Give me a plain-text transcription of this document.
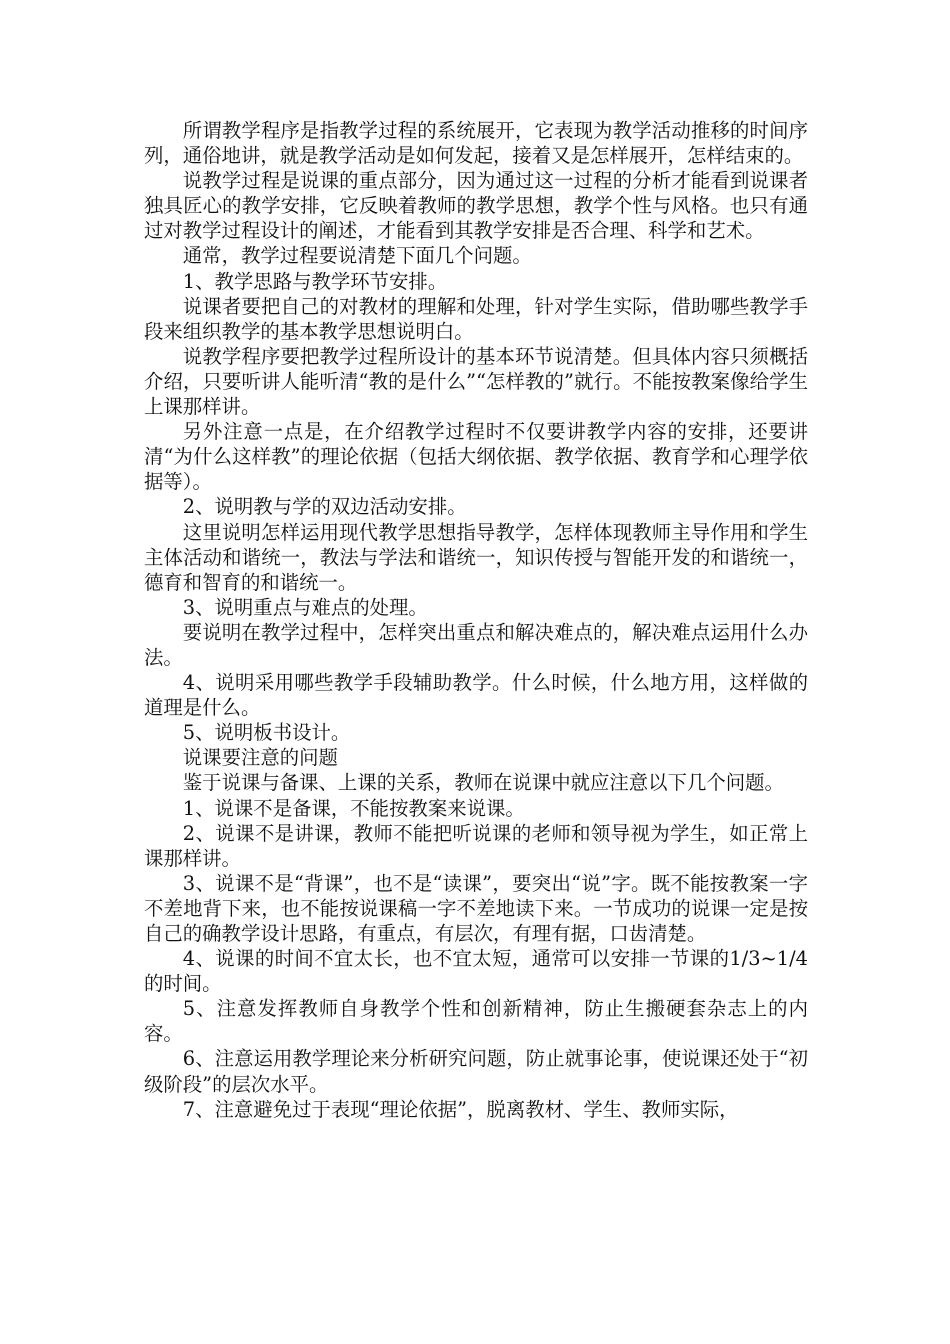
所谓教学程序是指教学过程的系统展开，它表现为教学活动推移的时间序列，通俗地讲，就是教学活动是如何发起，接着又是怎样展开，怎样结束的。

说教学过程是说课的重点部分，因为通过这一过程的分析才能看到说课者独具匠心的教学安排，它反映着教师的教学思想，教学个性与风格。也只有通过对教学过程设计的阐述，才能看到其教学安排是否合理、科学和艺术。

通常，教学过程要说清楚下面几个问题。

1、教学思路与教学环节安排。

说课者要把自己的对教材的理解和处理，针对学生实际，借助哪些教学手段来组织教学的基本教学思想说明白。

说教学程序要把教学过程所设计的基本环节说清楚。但具体内容只须概括介绍，只要听讲人能听清“教的是什么”“怎样教的”就行。不能按教案像给学生上课那样讲。

另外注意一点是，在介绍教学过程时不仅要讲教学内容的安排，还要讲清“为什么这样教”的理论依据（包括大纲依据、教学依据、教育学和心理学依据等）。

2、说明教与学的双边活动安排。

这里说明怎样运用现代教学思想指导教学，怎样体现教师主导作用和学生主体活动和谐统一，教法与学法和谐统一，知识传授与智能开发的和谐统一，德育和智育的和谐统一。

3、说明重点与难点的处理。

要说明在教学过程中，怎样突出重点和解决难点的，解决难点运用什么办法。

4、说明采用哪些教学手段辅助教学。什么时候，什么地方用，这样做的道理是什么。

5、说明板书设计。

说课要注意的问题

鉴于说课与备课、上课的关系，教师在说课中就应注意以下几个问题。

1、说课不是备课，不能按教案来说课。

2、说课不是讲课，教师不能把听说课的老师和领导视为学生，如正常上课那样讲。

3、说课不是“背课”，也不是“读课”，要突出“说”字。既不能按教案一字不差地背下来，也不能按说课稿一字不差地读下来。一节成功的说课一定是按自己的确教学设计思路，有重点，有层次，有理有据，口齿清楚。

4、说课的时间不宜太长，也不宜太短，通常可以安排一节课的1/3~1/4的时间。

5、注意发挥教师自身教学个性和创新精神，防止生搬硬套杂志上的内容。

6、注意运用教学理论来分析研究问题，防止就事论事，使说课还处于“初级阶段”的层次水平。

7、注意避免过于表现“理论依据”，脱离教材、学生、教师实际，
